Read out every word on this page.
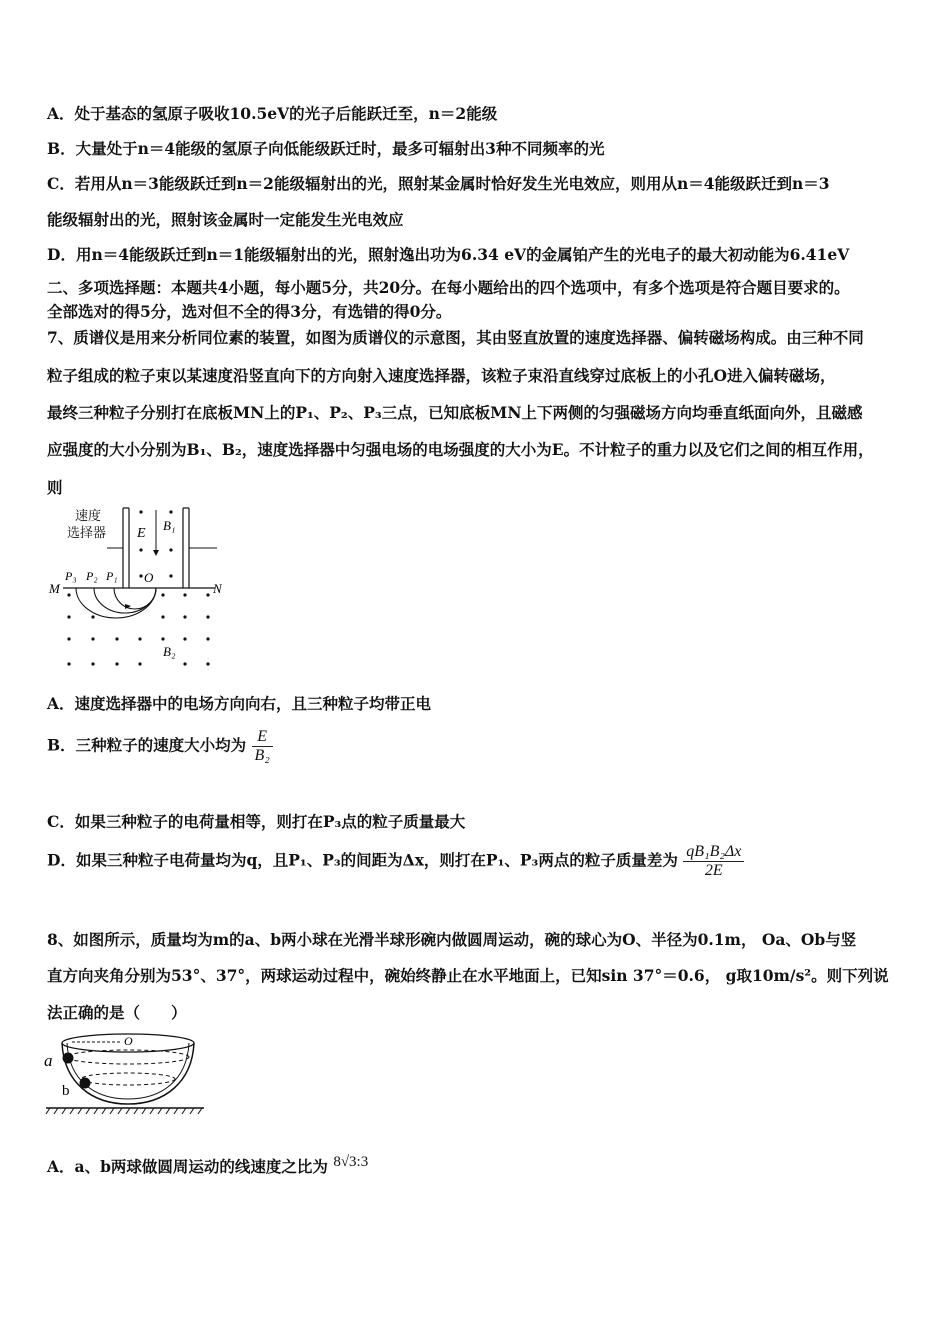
A．处于基态的氢原子吸收10.5eV的光子后能跃迁至，n＝2能级
B．大量处于n＝4能级的氢原子向低能级跃迁时，最多可辐射出3种不同频率的光
C．若用从n＝3能级跃迁到n＝2能级辐射出的光，照射某金属时恰好发生光电效应，则用从n＝4能级跃迁到n＝3
能级辐射出的光，照射该金属时一定能发生光电效应
D．用n＝4能级跃迁到n＝1能级辐射出的光，照射逸出功为6.34 eV的金属铂产生的光电子的最大初动能为6.41eV
二、多项选择题：本题共4小题，每小题5分，共20分。在每小题给出的四个选项中，有多个选项是符合题目要求的。
全部选对的得5分，选对但不全的得3分，有选错的得0分。
7、质谱仪是用来分析同位素的装置，如图为质谱仪的示意图，其由竖直放置的速度选择器、偏转磁场构成。由三种不同
粒子组成的粒子束以某速度沿竖直向下的方向射入速度选择器，该粒子束沿直线穿过底板上的小孔O进入偏转磁场，
最终三种粒子分别打在底板MN上的P₁、P₂、P₃三点，已知底板MN上下两侧的匀强磁场方向均垂直纸面向外，且磁感
应强度的大小分别为B₁、B₂，速度选择器中匀强电场的电场强度的大小为E。不计粒子的重力以及它们之间的相互作用，
则
速度
选择器 E
B₁
M	N
P₃ P₂ P₁ O
B₂
A．速度选择器中的电场方向向右，且三种粒子均带正电
B．三种粒子的速度大小均为 $\frac{E}{\text{B₂}}$
C．如果三种粒子的电荷量相等，则打在P₃点的粒子质量最大
D．如果三种粒子电荷量均为q，且P₁、P₃的间距为Δx，则打在P₁、P₃两点的粒子质量差为 $\frac{\text{qB₁B₂Δx}}{2E}$
8、如图所示，质量均为m的a、b两小球在光滑半球形碗内做圆周运动，碗的球心为O、半径为0.1m， Oa、Ob与竖
直方向夹角分别为53°、37°，两球运动过程中，碗始终静止在水平地面上，已知sin 37°＝0.6， g取10m/s²。则下列说
法正确的是（　　）
O
a
b
A．a、b两球做圆周运动的线速度之比为 8√3:3
